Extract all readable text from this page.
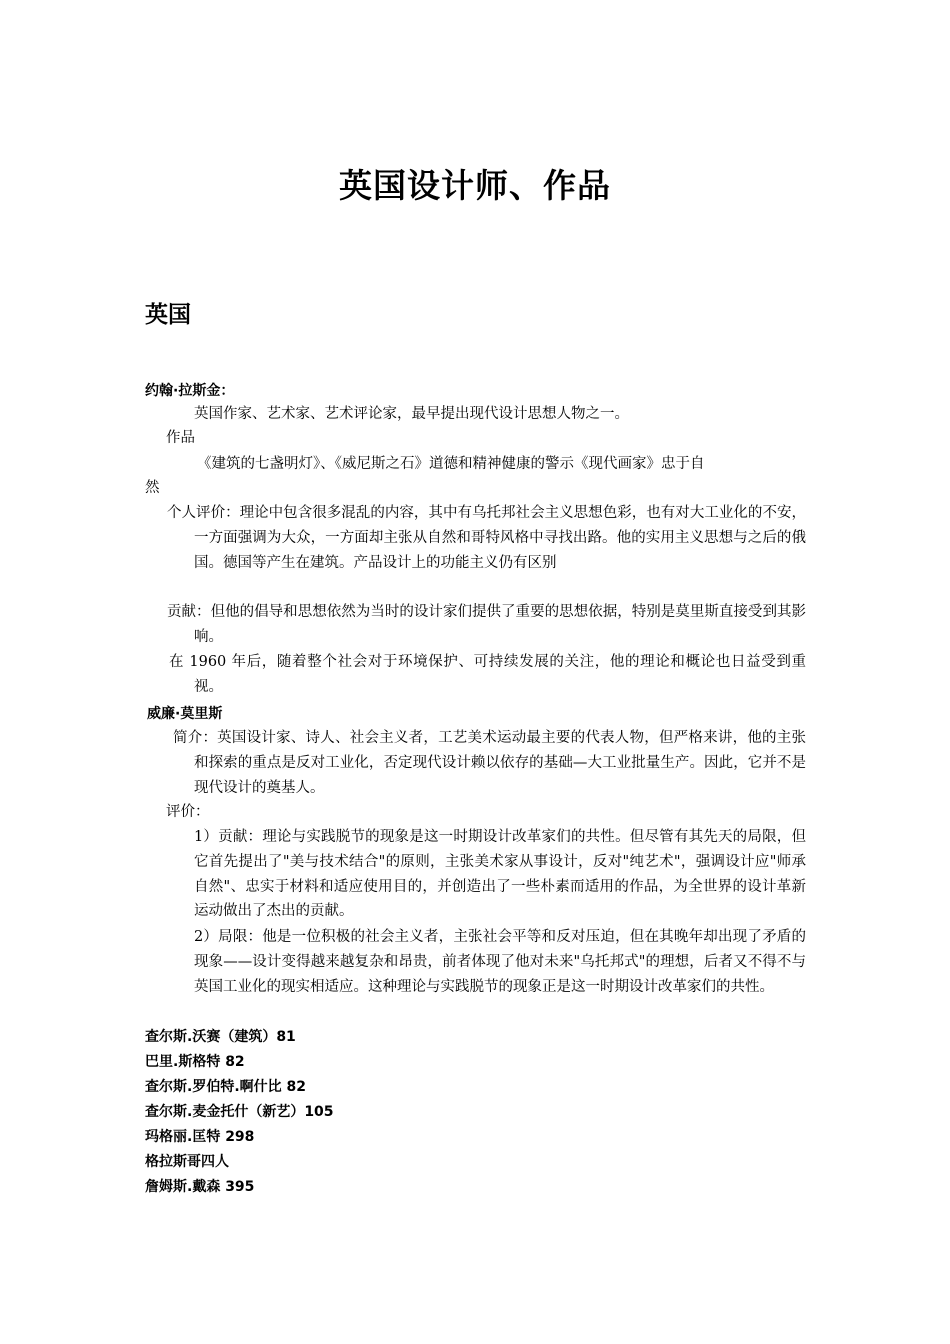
英国设计师、作品
英国
约翰·拉斯金：
英国作家、艺术家、艺术评论家，最早提出现代设计思想人物之一。
作品
《建筑的七盏明灯》、《威尼斯之石》道德和精神健康的警示《现代画家》忠于自
然
个人评价：理论中包含很多混乱的内容，其中有乌托邦社会主义思想色彩，也有对大工业化的不安，一方面强调为大众，一方面却主张从自然和哥特风格中寻找出路。他的实用主义思想与之后的俄国。德国等产生在建筑。产品设计上的功能主义仍有区别
贡献：但他的倡导和思想依然为当时的设计家们提供了重要的思想依据，特别是莫里斯直接受到其影响。
在 1960 年后，随着整个社会对于环境保护、可持续发展的关注，他的理论和概论也日益受到重视。
威廉·莫里斯
简介：英国设计家、诗人、社会主义者，工艺美术运动最主要的代表人物，但严格来讲，他的主张和探索的重点是反对工业化，否定现代设计赖以依存的基础—大工业批量生产。因此，它并不是现代设计的奠基人。
评价：
1）贡献：理论与实践脱节的现象是这一时期设计改革家们的共性。但尽管有其先天的局限，但它首先提出了"美与技术结合"的原则，主张美术家从事设计，反对"纯艺术"，强调设计应"师承自然"、忠实于材料和适应使用目的，并创造出了一些朴素而适用的作品，为全世界的设计革新运动做出了杰出的贡献。
2）局限：他是一位积极的社会主义者，主张社会平等和反对压迫，但在其晚年却出现了矛盾的现象——设计变得越来越复杂和昂贵，前者体现了他对未来"乌托邦式"的理想，后者又不得不与英国工业化的现实相适应。这种理论与实践脱节的现象正是这一时期设计改革家们的共性。
查尔斯.沃赛（建筑）81
巴里.斯格特 82
查尔斯.罗伯特.啊什比 82
查尔斯.麦金托什（新艺）105
玛格丽.匡特 298
格拉斯哥四人
詹姆斯.戴森 395
